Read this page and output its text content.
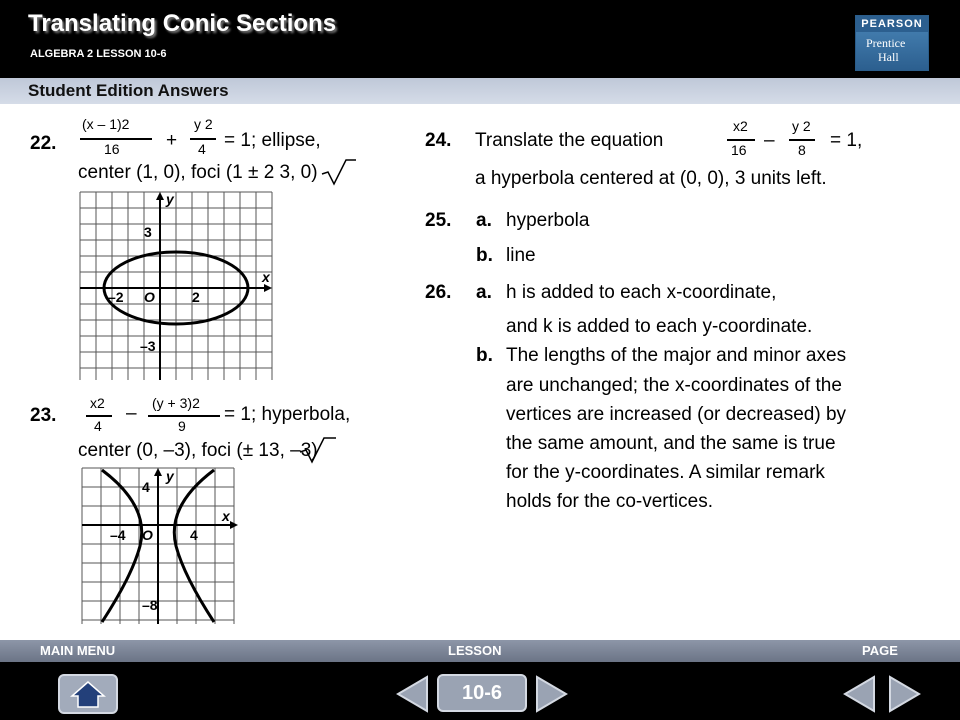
Translating Conic Sections
ALGEBRA 2 LESSON 10-6
PEARSON
Prentice
Hall
Student Edition Answers
22.
(x – 1)2
16 +
y 2
4 = 1; ellipse,
center (1, 0), foci (1 ± 2 3, 0)
y
x
3
–2 O	2
–3
23.
x2
4
– (y + 3)2
9
= 1; hyperbola,
center (0, –3), foci (± 13, –3)
y
x
4
–4 O	4
–8
24. Translate the equation
x2
16 –
y 2
8 = 1,
a hyperbola centered at (0, 0), 3 units left.
25. a. hyperbola
b. line
26. a. h is added to each x-coordinate,
and k is added to each y-coordinate.
b. The lengths of the major and minor axes
are unchanged; the x-coordinates of the
vertices are increased (or decreased) by
the same amount, and the same is true
for the y-coordinates. A similar remark
holds for the co-vertices.
MAIN MENU	LESSON	PAGE
10-6
